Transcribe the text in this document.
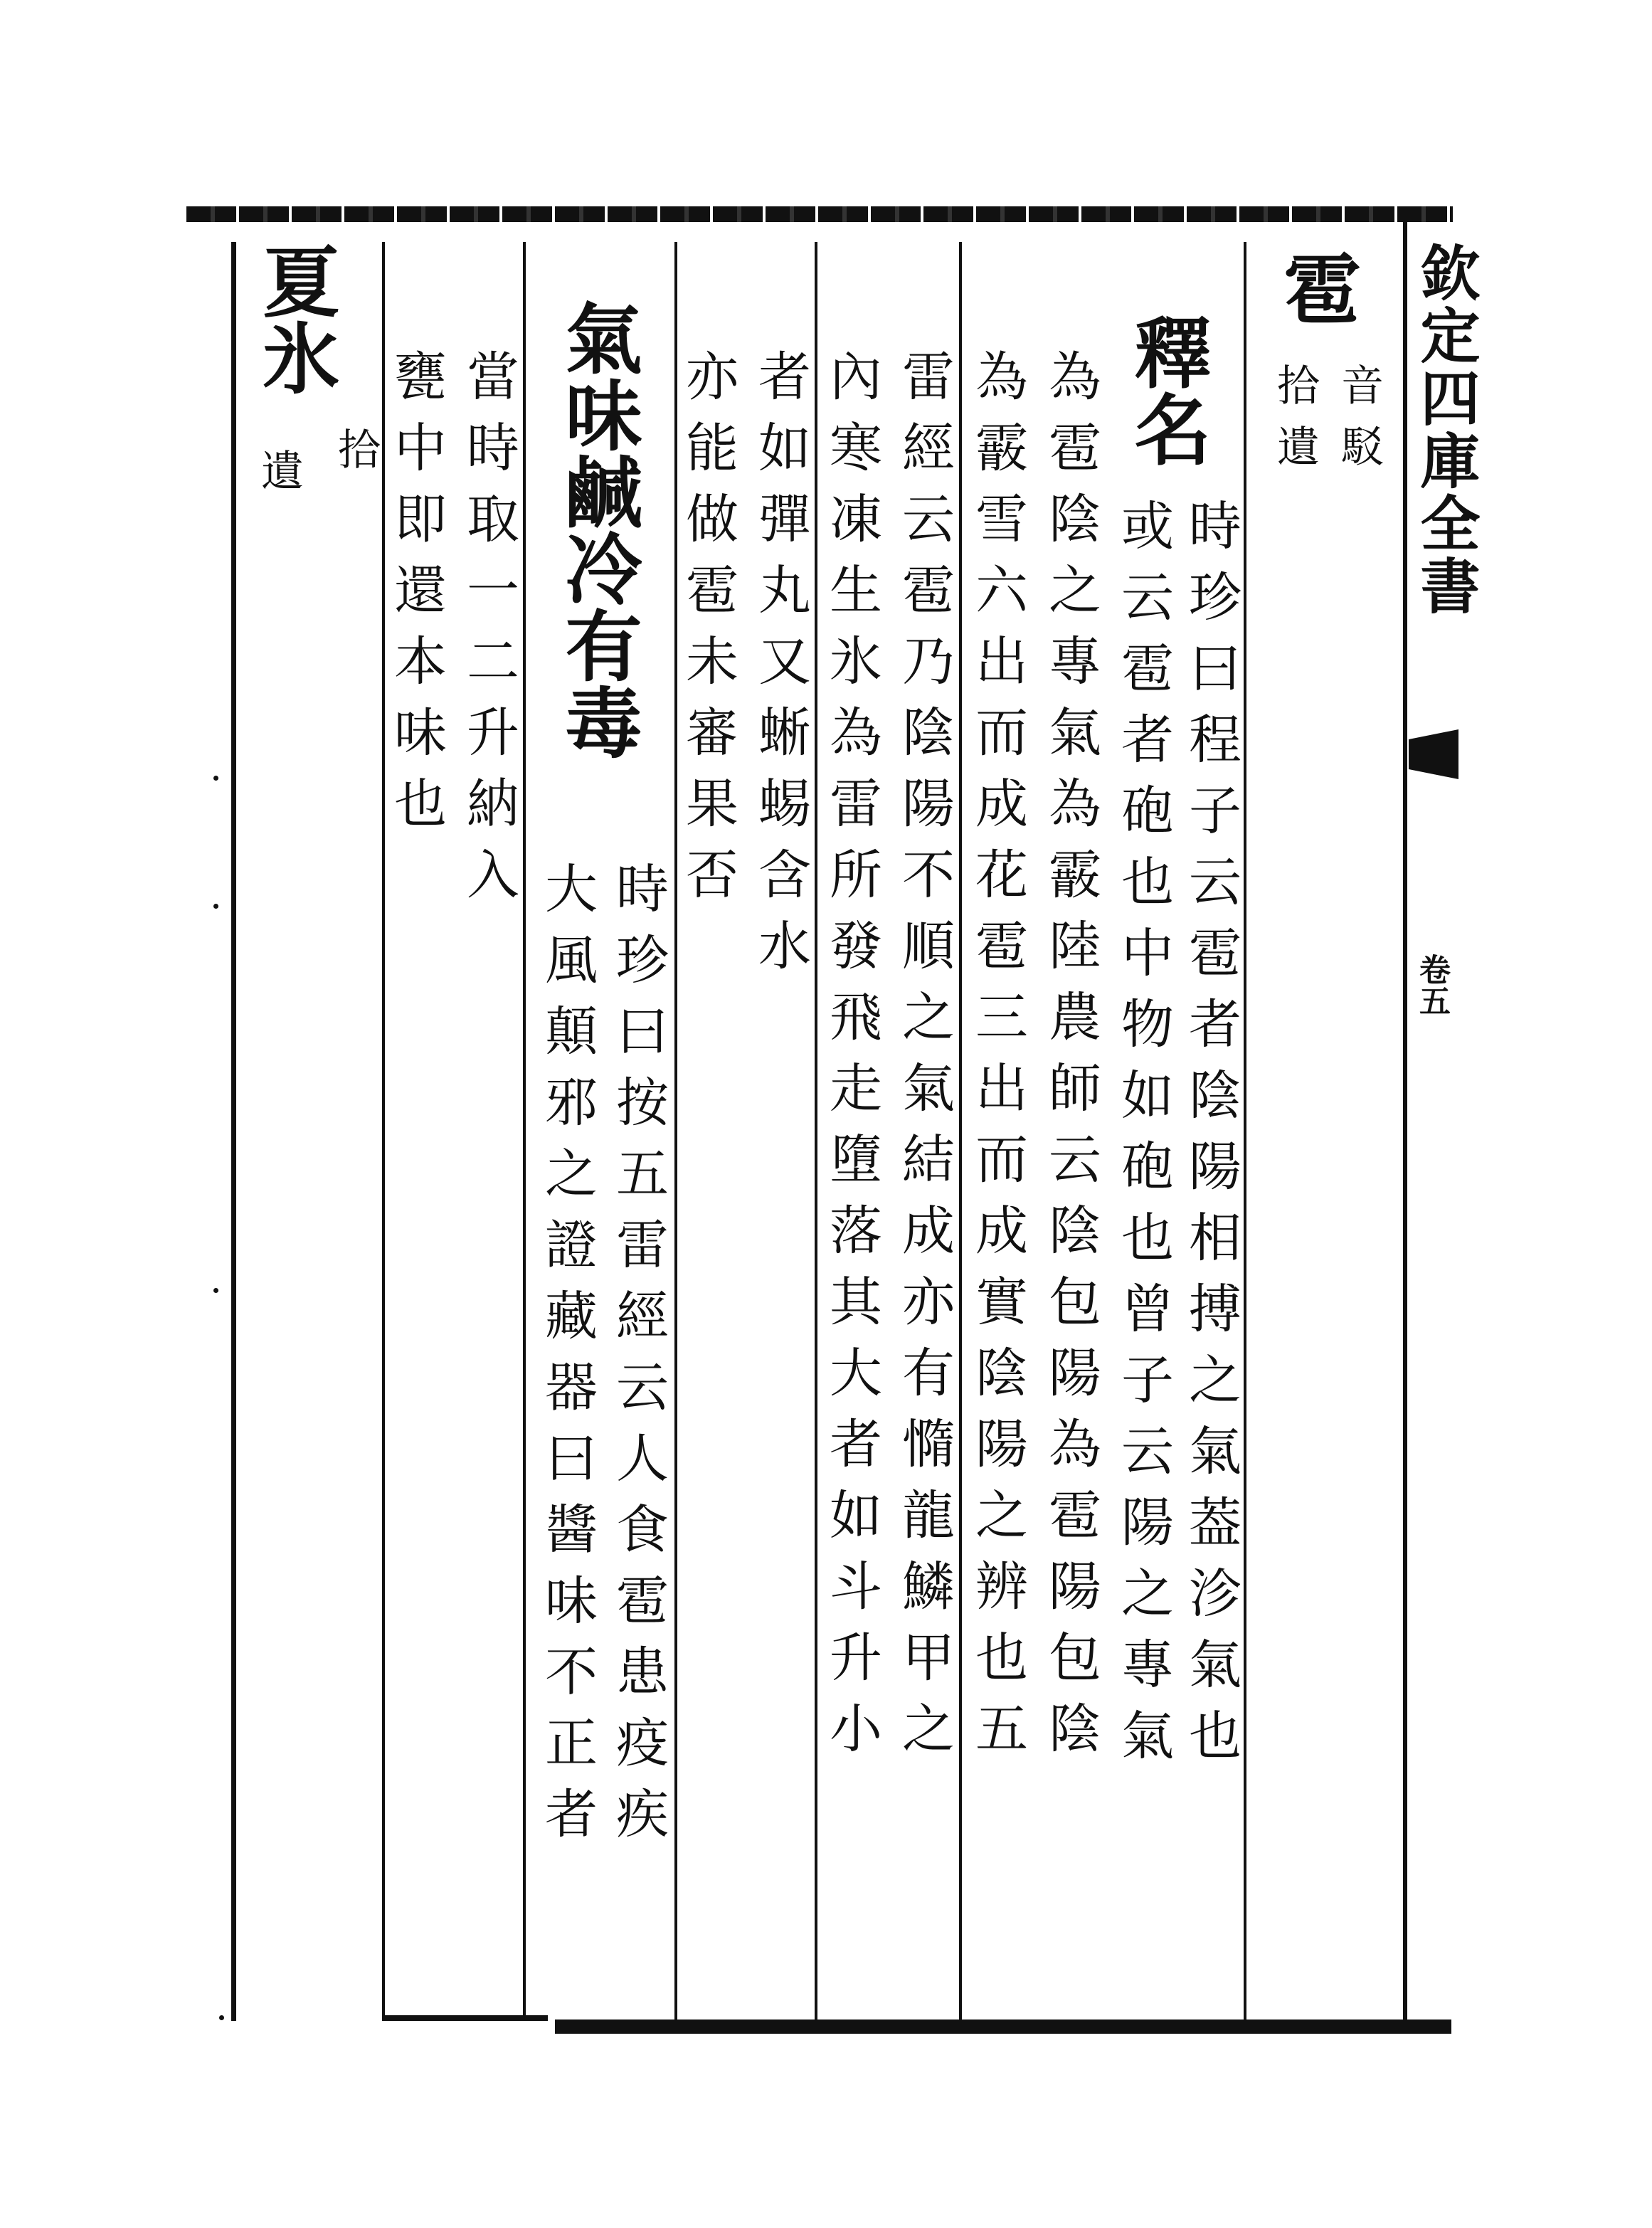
欽定四庫全書
卷五
雹
音駁
拾遺
釋名
時珍曰程子云雹者陰陽相搏之氣葢沴氣也
或云雹者砲也中物如砲也曾子云陽之專氣
為雹陰之專氣為霰陸農師云陰包陽為雹陽包陰
為霰雪六出而成花雹三出而成實陰陽之辨也五
雷經云雹乃陰陽不順之氣結成亦有憜龍鱗甲之
內寒凍生氷為雷所發飛走墮落其大者如斗升小
者如彈丸又蜥蜴含水
亦能做雹未審果否
氣味鹹冷有毒
時珍曰按五雷經云人食雹患疫疾
大風顛邪之證藏器曰醬味不正者
當時取一二升納入
甕中即還本味也
夏氷
拾
遺
